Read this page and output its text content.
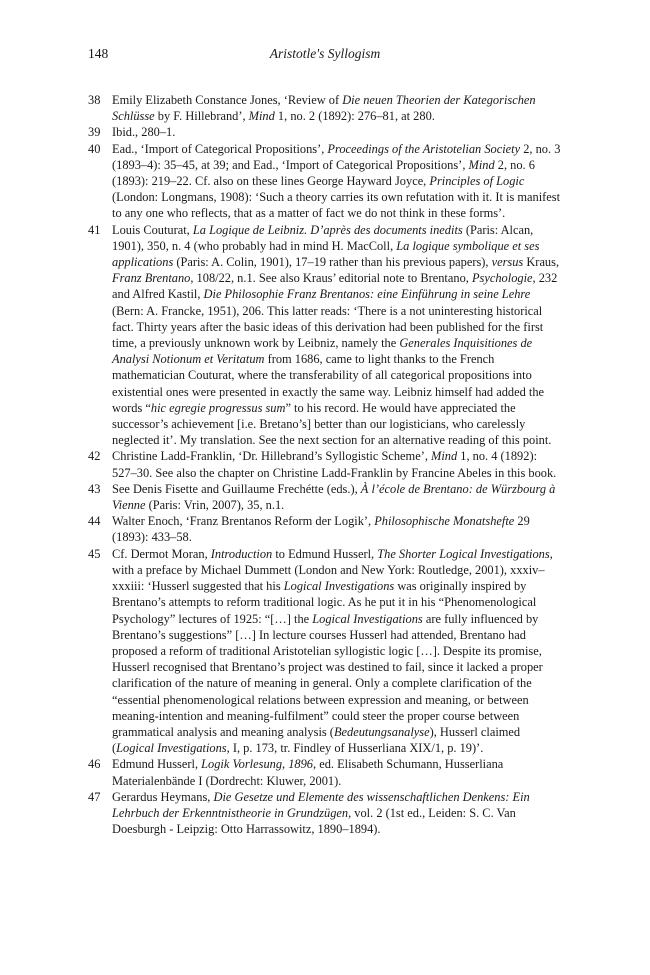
148	Aristotle's Syllogism
38 Emily Elizabeth Constance Jones, ‘Review of Die neuen Theorien der Kategorischen Schlüsse by F. Hillebrand’, Mind 1, no. 2 (1892): 276–81, at 280.
39 Ibid., 280–1.
40 Ead., ‘Import of Categorical Propositions’, Proceedings of the Aristotelian Society 2, no. 3 (1893–4): 35–45, at 39; and Ead., ‘Import of Categorical Propositions’, Mind 2, no. 6 (1893): 219–22. Cf. also on these lines George Hayward Joyce, Principles of Logic (London: Longmans, 1908): ‘Such a theory carries its own refutation with it. It is manifest to any one who reflects, that as a matter of fact we do not think in these forms’.
41 Louis Couturat, La Logique de Leibniz. D’après des documents inedits (Paris: Alcan, 1901), 350, n. 4 (who probably had in mind H. MacColl, La logique symbolique et ses applications (Paris: A. Colin, 1901), 17–19 rather than his previous papers), versus Kraus, Franz Brentano, 108/22, n.1. See also Kraus’ editorial note to Brentano, Psychologie, 232 and Alfred Kastil, Die Philosophie Franz Brentanos: eine Einführung in seine Lehre (Bern: A. Francke, 1951), 206. This latter reads: ‘There is a not uninteresting historical fact. Thirty years after the basic ideas of this derivation had been published for the first time, a previously unknown work by Leibniz, namely the Generales Inquisitiones de Analysi Notionum et Veritatum from 1686, came to light thanks to the French mathematician Couturat, where the transferability of all categorical propositions into existential ones were presented in exactly the same way. Leibniz himself had added the words “hic egregie progressus sum” to his record. He would have appreciated the successor’s achievement [i.e. Bretano’s] better than our logisticians, who carelessly neglected it’. My translation. See the next section for an alternative reading of this point.
42 Christine Ladd-Franklin, ‘Dr. Hillebrand’s Syllogistic Scheme’, Mind 1, no. 4 (1892): 527–30. See also the chapter on Christine Ladd-Franklin by Francine Abeles in this book.
43 See Denis Fisette and Guillaume Frechétte (eds.), À l’école de Brentano: de Würzbourg à Vienne (Paris: Vrin, 2007), 35, n.1.
44 Walter Enoch, ‘Franz Brentanos Reform der Logik’, Philosophische Monatshefte 29 (1893): 433–58.
45 Cf. Dermot Moran, Introduction to Edmund Husserl, The Shorter Logical Investigations, with a preface by Michael Dummett (London and New York: Routledge, 2001), xxxiv–xxxiii: ‘Husserl suggested that his Logical Investigations was originally inspired by Brentano’s attempts to reform traditional logic. As he put it in his “Phenomenological Psychology” lectures of 1925: “[…] the Logical Investigations are fully influenced by Brentano’s suggestions” […] In lecture courses Husserl had attended, Brentano had proposed a reform of traditional Aristotelian syllogistic logic […]. Despite its promise, Husserl recognised that Brentano’s project was destined to fail, since it lacked a proper clarification of the nature of meaning in general. Only a complete clarification of the “essential phenomenological relations between expression and meaning, or between meaning-intention and meaning-fulfilment” could steer the proper course between grammatical analysis and meaning analysis (Bedeutungsanalyse), Husserl claimed (Logical Investigations, I, p. 173, tr. Findley of Husserliana XIX/1, p. 19)’.
46 Edmund Husserl, Logik Vorlesung, 1896, ed. Elisabeth Schumann, Husserliana Materialenbände I (Dordrecht: Kluwer, 2001).
47 Gerardus Heymans, Die Gesetze und Elemente des wissenschaftlichen Denkens: Ein Lehrbuch der Erkenntnistheorie in Grundzügen, vol. 2 (1st ed., Leiden: S. C. Van Doesburgh - Leipzig: Otto Harrassowitz, 1890–1894).
